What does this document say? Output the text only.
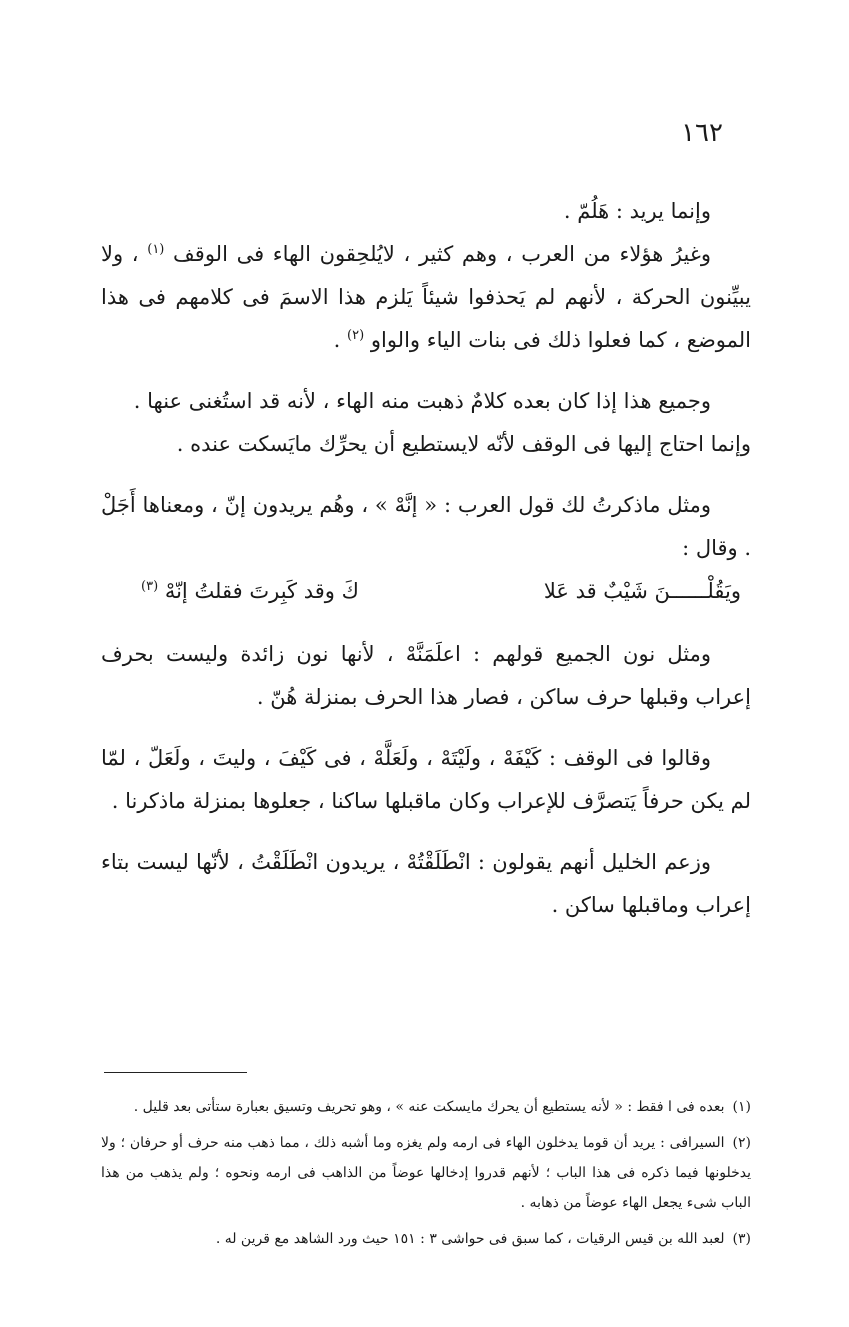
١٦٢

وإنما يريد : هَلُمّ .

وغيرُ هؤلاء من العرب ، وهم كثير ، لايُلحِقون الهاء فى الوقف $^{(١)}$ ، ولا يبيِّنون الحركة ، لأنهم لم يَحذفوا شيئاً يَلزم هذا الاسمَ فى كلامهم فى هذا الموضع ، كما فعلوا ذلك فى بنات الياء والواو $^{(٢)}$ .

وجميع هذا إذا كان بعده كلامٌ ذهبت منه الهاء ، لأنه قد استُغنى عنها .

وإنما احتاج إليها فى الوقف لأنّه لايستطيع أن يحرِّك مايَسكت عنده .

ومثل ماذكرتُ لك قول العرب : « إنَّهْ » ، وهُم يريدون إنّ ، ومعناها أَجَلْ . وقال :

ويَقُلْــــــنَ شَيْبٌ قد عَلا
كَ وقد كَبِرتَ فقلتُ إنّهْ $^{(٣)}$

ومثل نون الجميع قولهم : اعلَمَنَّهْ ، لأنها نون زائدة وليست بحرف إعراب وقبلها حرف ساكن ، فصار هذا الحرف بمنزلة هُنّ .

وقالوا فى الوقف : كَيْفَهْ ، ولَيْتَهْ ، ولَعَلَّهْ ، فى كَيْفَ ، وليتَ ، ولَعَلّ ، لمّا لم يكن حرفاً يَتصرَّف للإعراب وكان ماقبلها ساكنا ، جعلوها بمنزلة ماذكرنا .

وزعم الخليل أنهم يقولون : انْطَلَقْتُهْ ، يريدون انْطَلَقْتُ ، لأنّها ليست بتاء إعراب وماقبلها ساكن .

(١)بعده فى ا فقط : « لأنه يستطيع أن يحرك مايسكت عنه » ، وهو تحريف وتسيق بعبارة ستأتى بعد قليل .

(٢)السيرافى : يريد أن قوما يدخلون الهاء فى ارمه ولم يغزه وما أشبه ذلك ، مما ذهب منه حرف أو حرفان ؛ ولا يدخلونها فيما ذكره فى هذا الباب ؛ لأنهم قدروا إدخالها عوضاً من الذاهب فى ارمه ونحوه ؛ ولم يذهب من هذا الباب شىء يجعل الهاء عوضاً من ذهابه .

(٣)لعبد الله بن قيس الرقيات ، كما سبق فى حواشى ٣ : ١٥١ حيث ورد الشاهد مع قرين له .
